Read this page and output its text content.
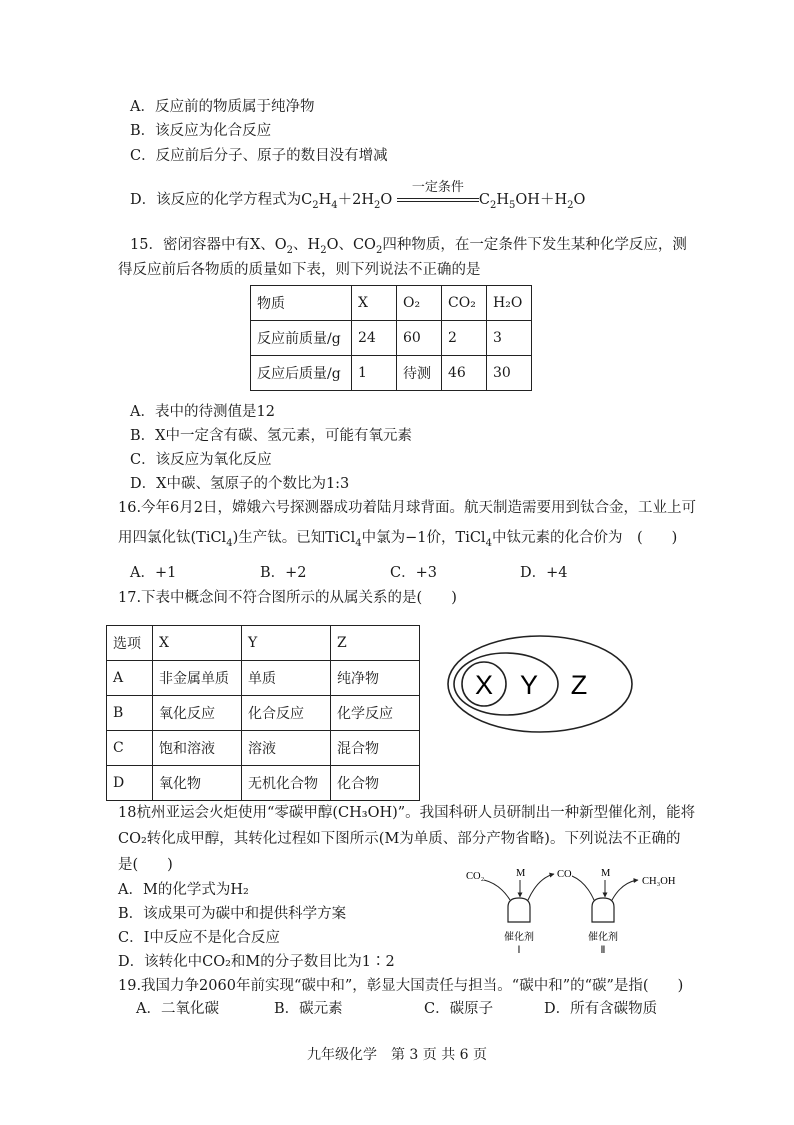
A．反应前的物质属于纯净物
B．该反应为化合反应
C．反应前后分子、原子的数目没有增减
D．该反应的化学方程式为$C_2H_4+2H_2O$
一定条件
$C_2H_5OH+H_2O$
15．密闭容器中有X、$O_2$、$H_2O$、$CO_2$四种物质，在一定条件下发生某种化学反应，测
得反应前后各物质的质量如下表，则下列说法不正确的是
物质	X	O₂	CO₂	H₂O
反应前质量/g	24	60	2	3
反应后质量/g	1	待测	46	30
A．表中的待测值是12
B．X中一定含有碳、氢元素，可能有氧元素
C．该反应为氧化反应
D．X中碳、氢原子的个数比为1:3
16.今年6月2日，嫦娥六号探测器成功着陆月球背面。航天制造需要用到钛合金，工业上可
用四氯化钛(TiCl$_4$)生产钛。已知TiCl$_4$中氯为−1价，TiCl$_4$中钛元素的化合价为　(　　)
A．+1	B．+2	C．+3	D．+4
17.下表中概念间不符合图所示的从属关系的是(　　)
选项	X	Y	Z
A	非金属单质	单质	纯净物
B	氧化反应	化合反应	化学反应
C	饱和溶液	溶液	混合物
D	氧化物	无机化合物	化合物
X Y Z
18杭州亚运会火炬使用“零碳甲醇(CH₃OH)”。我国科研人员研制出一种新型催化剂，能将
CO₂转化成甲醇，其转化过程如下图所示(M为单质、部分产物省略)。下列说法不正确的
是(　　)
A．M的化学式为H₂
B．该成果可为碳中和提供科学方案
C．Ⅰ中反应不是化合反应
D．该转化中CO₂和M的分子数目比为1∶2
CO₂	M	CO	M
CH₃OH
催化剂
Ⅰ
催化剂
Ⅱ
19.我国力争2060年前实现“碳中和”，彰显大国责任与担当。“碳中和”的“碳”是指(　　)
A．二氧化碳	B．碳元素	C．碳原子	D．所有含碳物质
九年级化学　第 3 页 共 6 页
